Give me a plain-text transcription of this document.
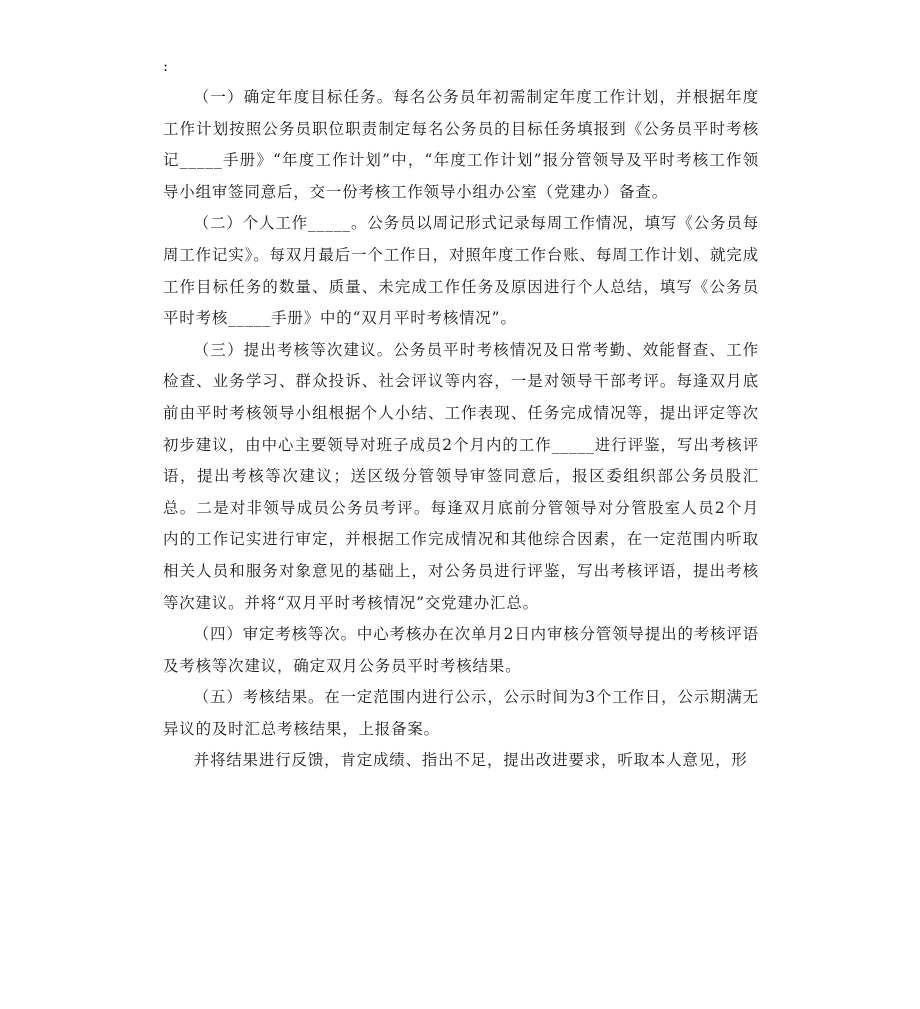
:

（一）确定年度目标任务。每名公务员年初需制定年度工作计划，并根据年度工作计划按照公务员职位职责制定每名公务员的目标任务填报到《公务员平时考核记_____手册》“年度工作计划”中，“年度工作计划”报分管领导及平时考核工作领导小组审签同意后，交一份考核工作领导小组办公室（党建办）备查。

（二）个人工作_____。公务员以周记形式记录每周工作情况，填写《公务员每周工作记实》。每双月最后一个工作日，对照年度工作台账、每周工作计划、就完成工作目标任务的数量、质量、未完成工作任务及原因进行个人总结，填写《公务员平时考核_____手册》中的“双月平时考核情况”。

（三）提出考核等次建议。公务员平时考核情况及日常考勤、效能督查、工作检查、业务学习、群众投诉、社会评议等内容，一是对领导干部考评。每逢双月底前由平时考核领导小组根据个人小结、工作表现、任务完成情况等，提出评定等次初步建议，由中心主要领导对班子成员2个月内的工作_____进行评鉴，写出考核评语，提出考核等次建议；送区级分管领导审签同意后，报区委组织部公务员股汇总。二是对非领导成员公务员考评。每逢双月底前分管领导对分管股室人员2个月内的工作记实进行审定，并根据工作完成情况和其他综合因素，在一定范围内听取相关人员和服务对象意见的基础上，对公务员进行评鉴，写出考核评语，提出考核等次建议。并将“双月平时考核情况”交党建办汇总。

（四）审定考核等次。中心考核办在次单月2日内审核分管领导提出的考核评语及考核等次建议，确定双月公务员平时考核结果。

（五）考核结果。在一定范围内进行公示，公示时间为3个工作日，公示期满无异议的及时汇总考核结果，上报备案。

并将结果进行反馈，肯定成绩、指出不足，提出改进要求，听取本人意见，形
